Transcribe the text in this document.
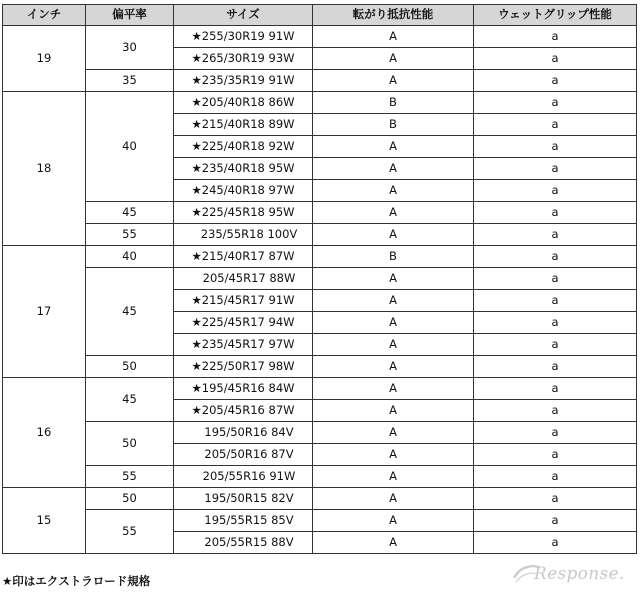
インチ	偏平率	サイズ	転がり抵抗性能	ウェットグリップ性能
19	30	★255/30R19 91W	A	a
		★265/30R19 93W	A	a
	35	★235/35R19 91W	A	a
18	40	★205/40R18 86W	B	a
		★215/40R18 89W	B	a
		★225/40R18 92W	A	a
		★235/40R18 95W	A	a
		★245/40R18 97W	A	a
	45	★225/45R18 95W	A	a
	55	235/55R18 100V	A	a
17	40	★215/40R17 87W	B	a
	45	205/45R17 88W	A	a
		★215/45R17 91W	A	a
		★225/45R17 94W	A	a
		★235/45R17 97W	A	a
	50	★225/50R17 98W	A	a
16	45	★195/45R16 84W	A	a
		★205/45R16 87W	A	a
	50	195/50R16 84V	A	a
		205/50R16 87V	A	a
	55	205/55R16 91W	A	a
15	50	195/50R15 82V	A	a
	55	195/55R15 85V	A	a
		205/55R15 88V	A	a
★印はエクストラロード規格	Response.
